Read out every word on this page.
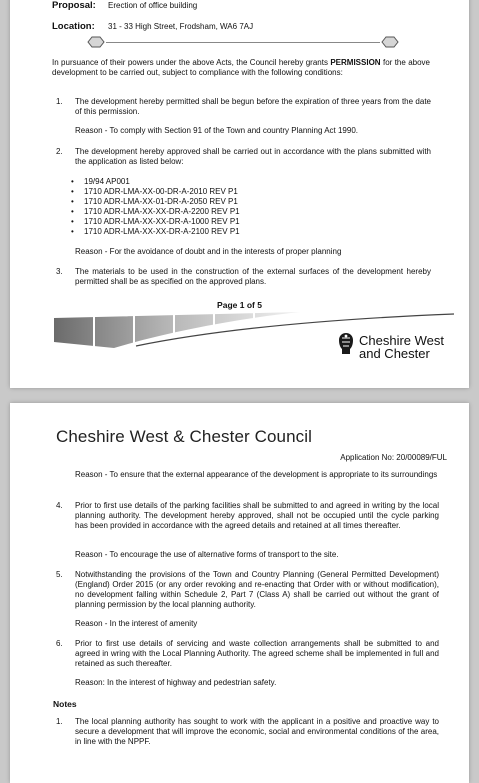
Proposal: Erection of office building
Location: 31 - 33 High Street, Frodsham, WA6 7AJ
In pursuance of their powers under the above Acts, the Council hereby grants PERMISSION for the above development to be carried out, subject to compliance with the following conditions:
1. The development hereby permitted shall be begun before the expiration of three years from the date of this permission.
Reason - To comply with Section 91 of the Town and country Planning Act 1990.
2. The development hereby approved shall be carried out in accordance with the plans submitted with the application as listed below:
• 19/94 AP001
• 1710 ADR-LMA-XX-00-DR-A-2010 REV P1
• 1710 ADR-LMA-XX-01-DR-A-2050 REV P1
• 1710 ADR-LMA-XX-XX-DR-A-2200 REV P1
• 1710 ADR-LMA-XX-XX-DR-A-1000 REV P1
• 1710 ADR-LMA-XX-XX-DR-A-2100 REV P1
Reason - For the avoidance of doubt and in the interests of proper planning
3. The materials to be used in the construction of the external surfaces of the development hereby permitted shall be as specified on the approved plans.
Page 1 of 5
Cheshire West
and Chester
Cheshire West & Chester Council
Application No: 20/00089/FUL
Reason - To ensure that the external appearance of the development is appropriate to its surroundings
4. Prior to first use details of the parking facilities shall be submitted to and agreed in writing by the local planning authority. The development hereby approved, shall not be occupied until the cycle parking has been provided in accordance with the agreed details and retained at all times thereafter.
Reason - To encourage the use of alternative forms of transport to the site.
5. Notwithstanding the provisions of the Town and Country Planning (General Permitted Development) (England) Order 2015 (or any order revoking and re-enacting that Order with or without modification), no development falling within Schedule 2, Part 7 (Class A) shall be carried out without the grant of planning permission by the local planning authority.
Reason - In the interest of amenity
6. Prior to first use details of servicing and waste collection arrangements shall be submitted to and agreed in wring with the Local Planning Authority. The agreed scheme shall be implemented in full and retained as such thereafter.
Reason: In the interest of highway and pedestrian safety.
Notes
1. The local planning authority has sought to work with the applicant in a positive and proactive way to secure a development that will improve the economic, social and environmental conditions of the area, in line with the NPPF.
